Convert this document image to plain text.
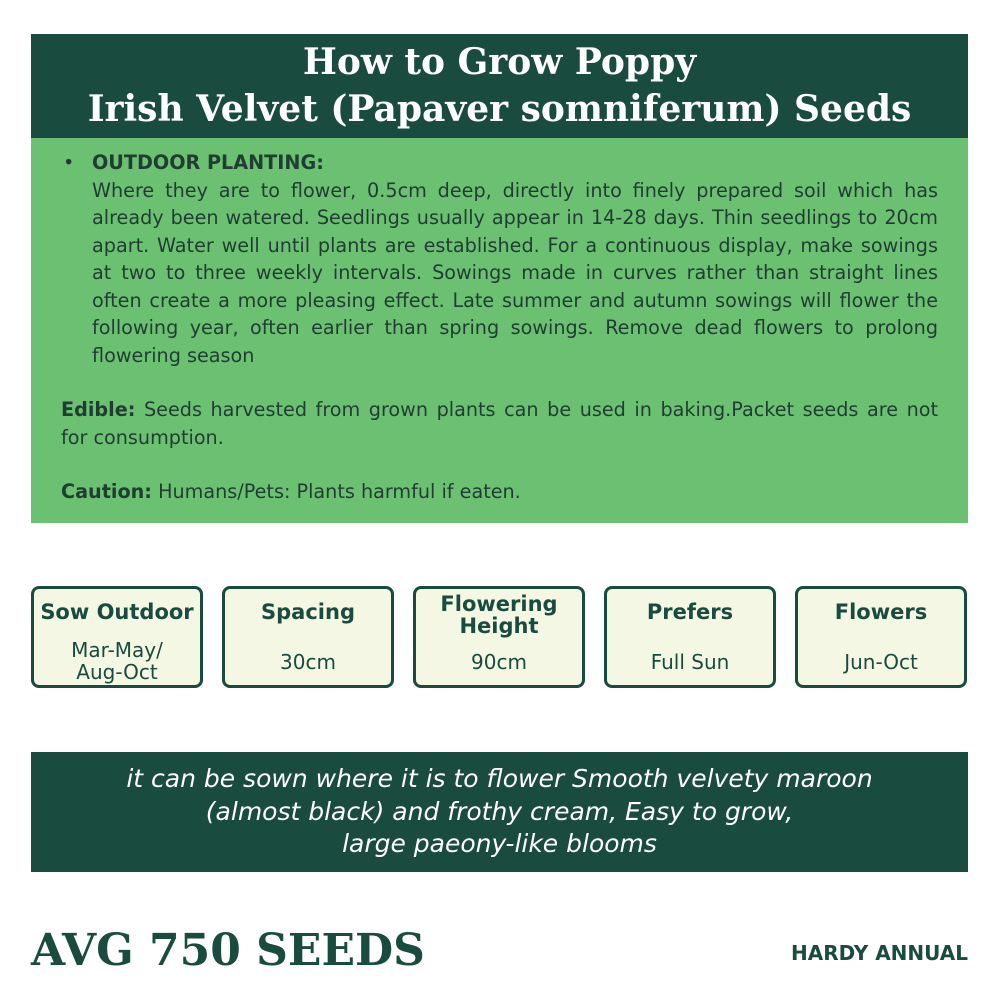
How to Grow Poppy
Irish Velvet (Papaver somniferum) Seeds
• OUTDOOR PLANTING:

Where they are to flower, 0.5cm deep, directly into finely prepared soil which has already been watered. Seedlings usually appear in 14-28 days. Thin seedlings to 20cm apart. Water well until plants are established. For a continuous display, make sowings at two to three weekly intervals. Sowings made in curves rather than straight lines often create a more pleasing effect. Late summer and autumn sowings will flower the following year, often earlier than spring sowings. Remove dead flowers to prolong flowering season

Edible: Seeds harvested from grown plants can be used in baking.Packet seeds are not for consumption.

Caution: Humans/Pets: Plants harmful if eaten.

Sow Outdoor
Mar-May/
Aug-Oct
Spacing
30cm
Flowering
Height
90cm
Prefers
Full Sun
Flowers
Jun-Oct
it can be sown where it is to flower Smooth velvety maroon
(almost black) and frothy cream, Easy to grow,
large paeony-like blooms
AVG 750 SEEDS	HARDY ANNUAL
